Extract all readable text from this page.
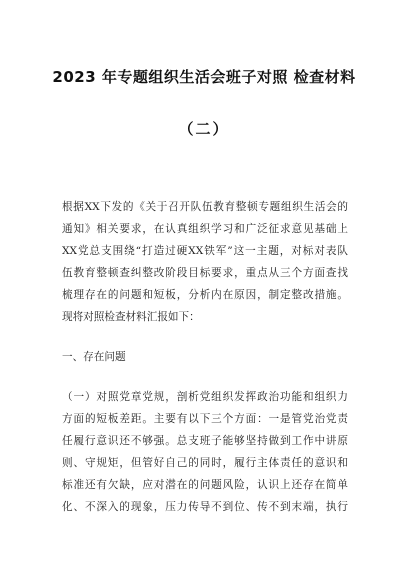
2023 年专题组织生活会班子对照 检查材料
（二）
根据XX下发的《关于召开队伍教育整顿专题组织生活会的
通知》相关要求，在认真组织学习和广泛征求意见基础上
XX党总支围绕“打造过硬XX铁军”这一主题，对标对表队
伍教育整顿查纠整改阶段目标要求，重点从三个方面查找
梳理存在的问题和短板，分析内在原因，制定整改措施。
现将对照检查材料汇报如下：
一、存在问题
（一）对照党章党规，剖析党组织发挥政治功能和组织力
方面的短板差距。主要有以下三个方面：一是管党治党责
任履行意识还不够强。总支班子能够坚持做到工作中讲原
则、守规矩，但管好自己的同时，履行主体责任的意识和
标准还有欠缺，应对潜在的问题风险，认识上还存在简单
化、不深入的现象，压力传导不到位、传不到末端，执行
